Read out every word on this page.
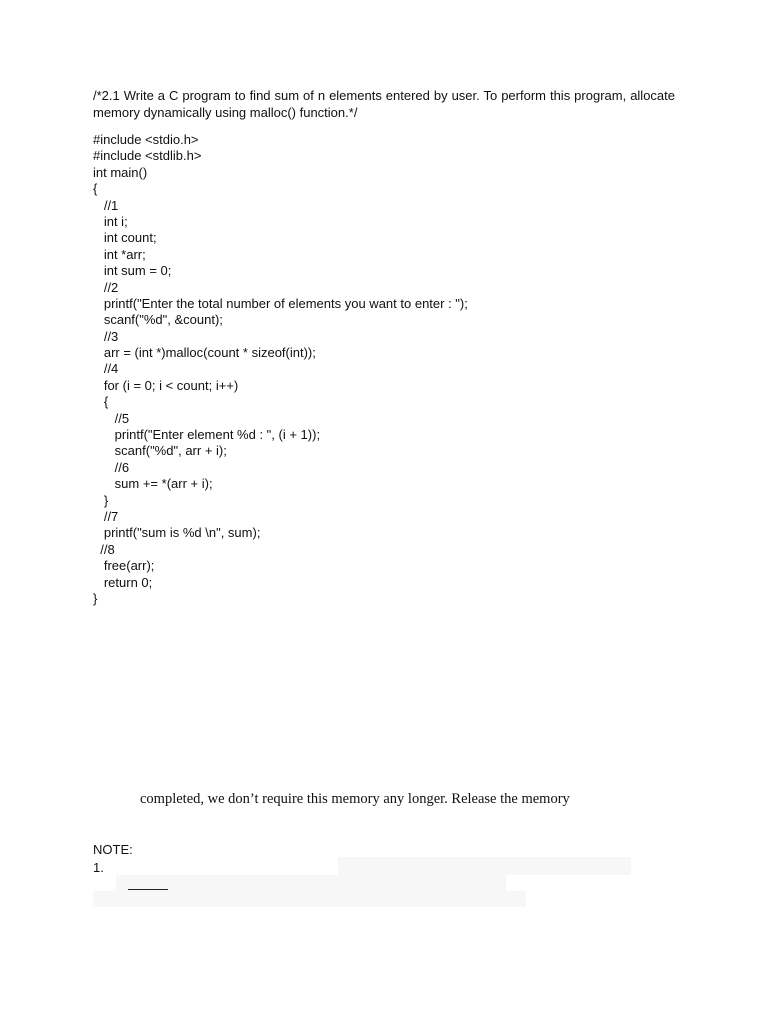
/*2.1 Write a C program to find sum of n elements entered by user. To perform this program, allocate memory dynamically using malloc() function.*/
#include <stdio.h>
#include <stdlib.h>
int main()
{
//1
int i;
int count;
int *arr;
int sum = 0;
//2
printf("Enter the total number of elements you want to enter : ");
scanf("%d", &count);
//3
arr = (int *)malloc(count * sizeof(int));
//4
for (i = 0; i < count; i++)
{
//5
printf("Enter element %d : ", (i + 1));
scanf("%d", arr + i);
//6
sum += *(arr + i);
}
//7
printf("sum is %d \n", sum);
//8
free(arr);
return 0;
}
completed, we don’t require this memory any longer. Release the memory
NOTE:
1.
